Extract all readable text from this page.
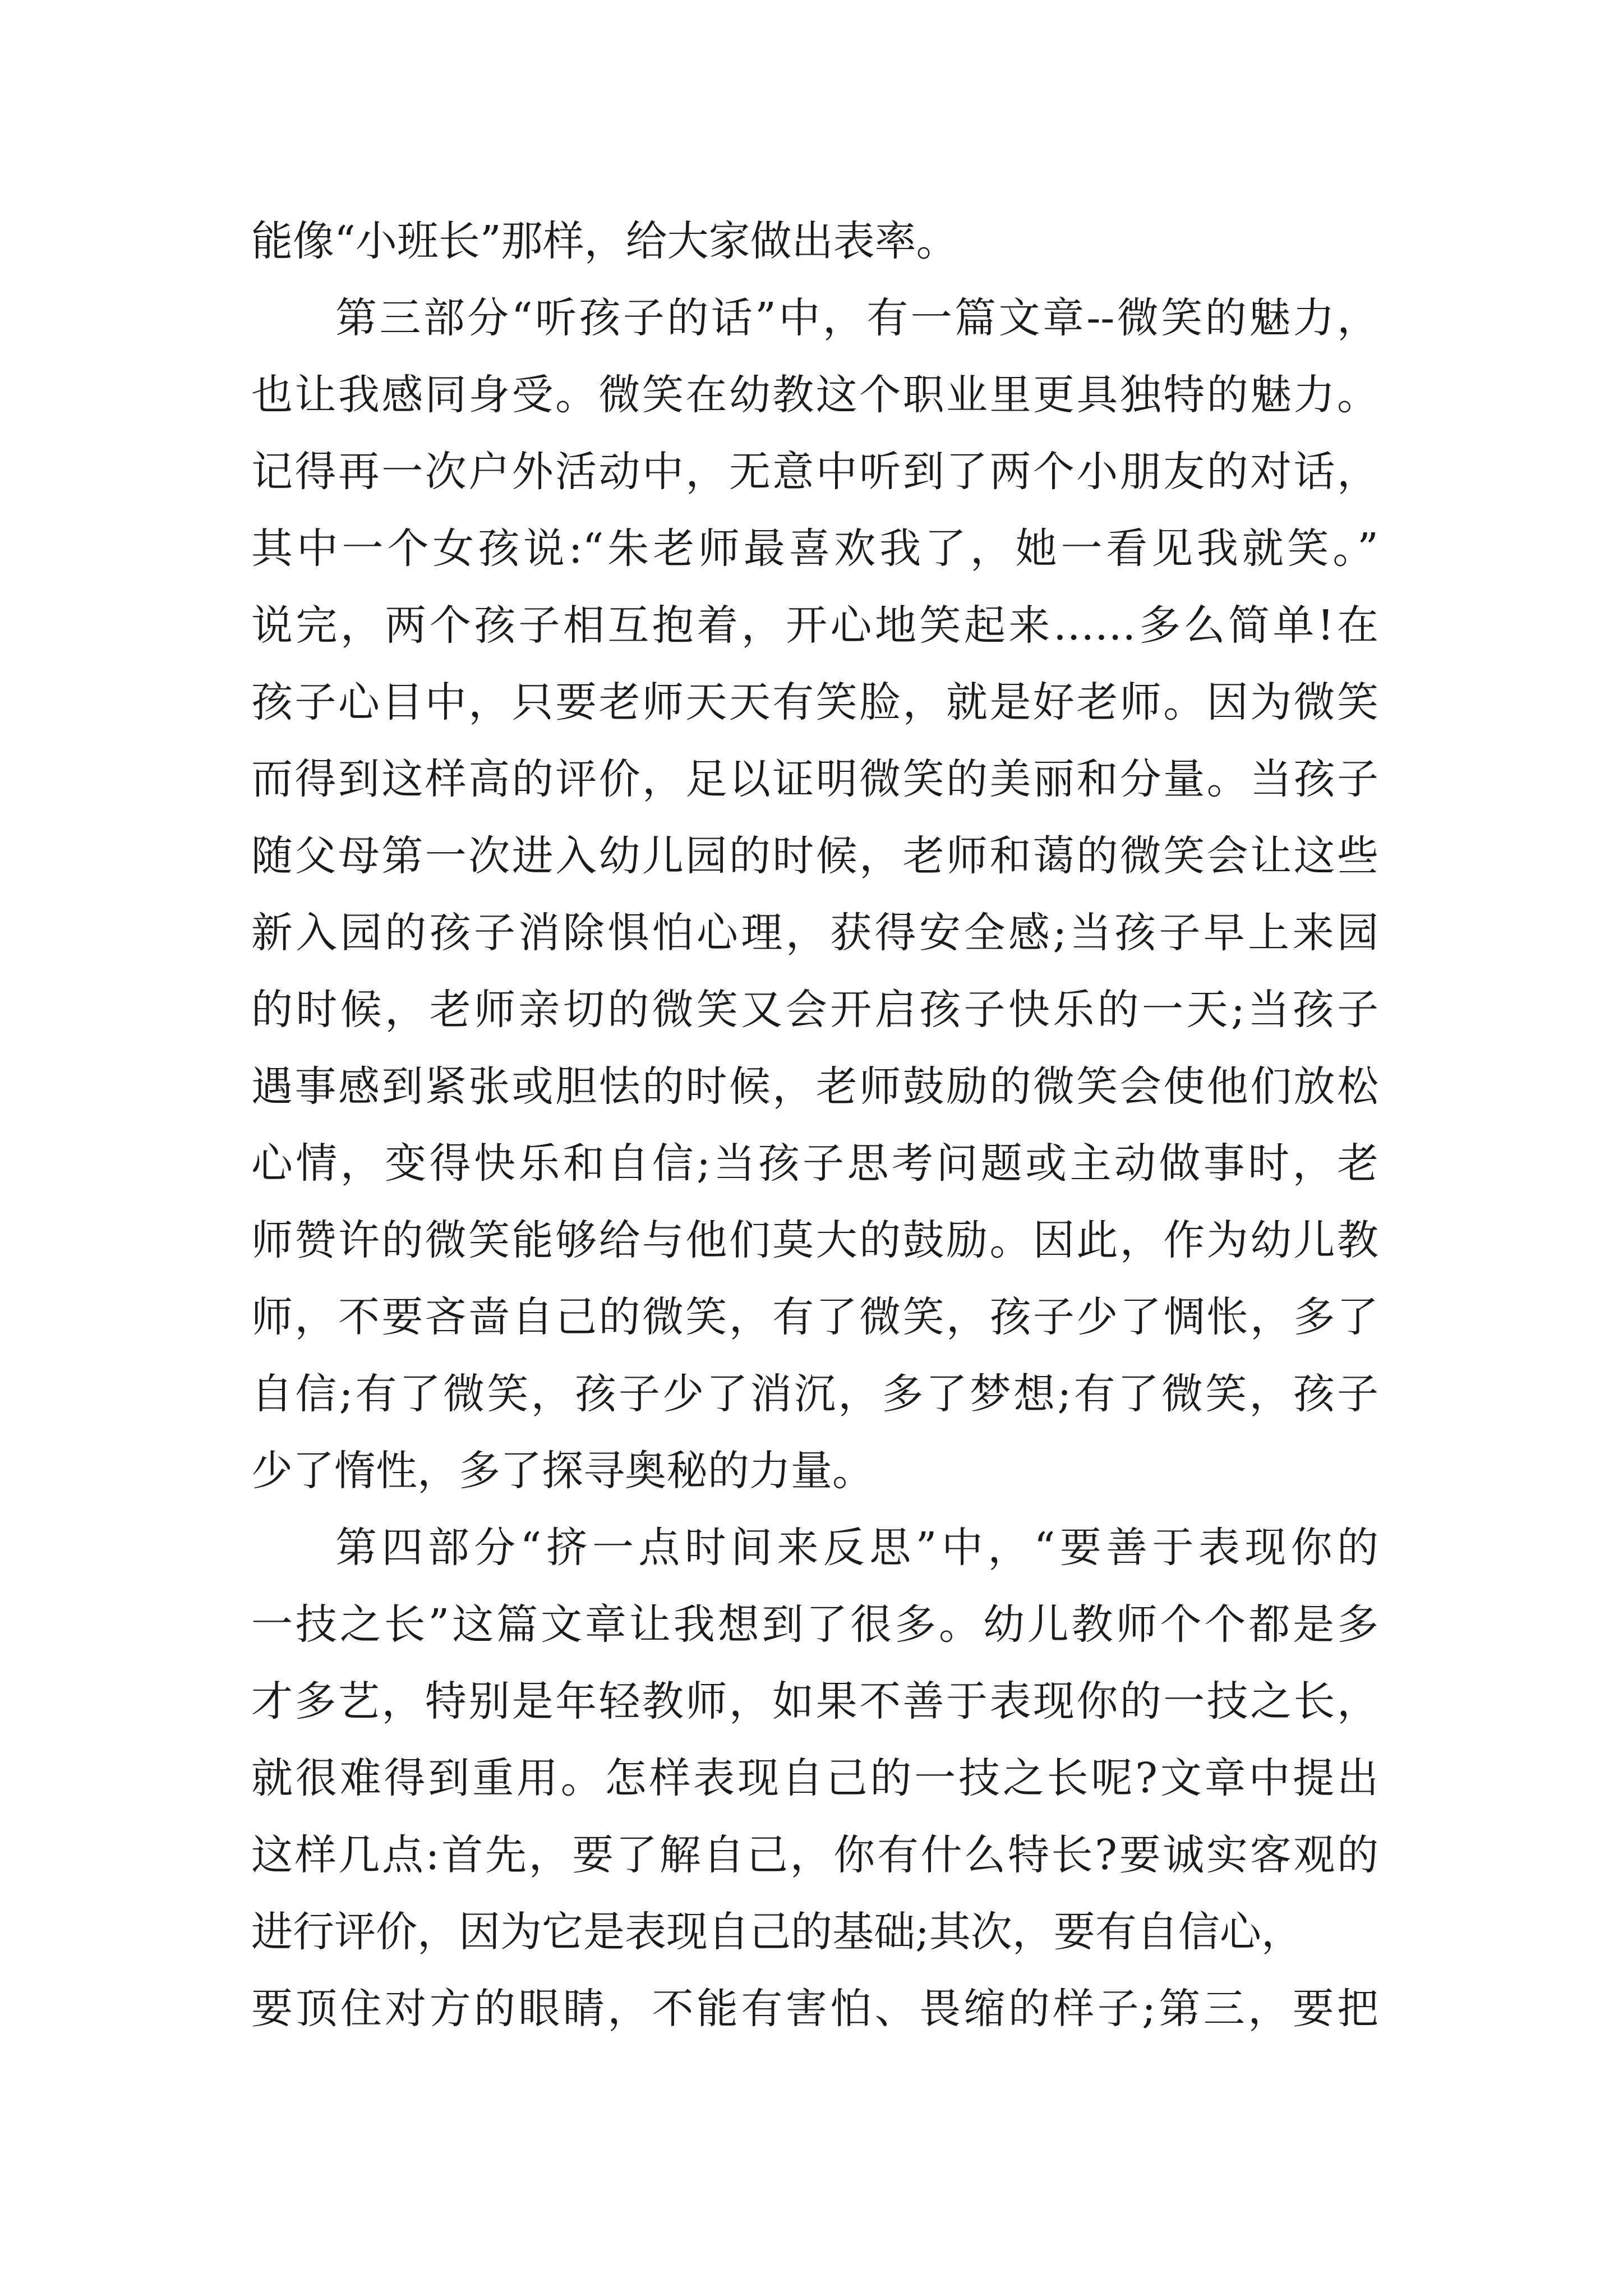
能像“小班长”那样，给大家做出表率。
第三部分“听孩子的话”中，有一篇文章--微笑的魅力，
也让我感同身受。微笑在幼教这个职业里更具独特的魅力。
记得再一次户外活动中，无意中听到了两个小朋友的对话，
其中一个女孩说:“朱老师最喜欢我了，她一看见我就笑。”
说完，两个孩子相互抱着，开心地笑起来……多么简单!在
孩子心目中，只要老师天天有笑脸，就是好老师。因为微笑
而得到这样高的评价，足以证明微笑的美丽和分量。当孩子
随父母第一次进入幼儿园的时候，老师和蔼的微笑会让这些
新入园的孩子消除惧怕心理，获得安全感;当孩子早上来园
的时候，老师亲切的微笑又会开启孩子快乐的一天;当孩子
遇事感到紧张或胆怯的时候，老师鼓励的微笑会使他们放松
心情，变得快乐和自信;当孩子思考问题或主动做事时，老
师赞许的微笑能够给与他们莫大的鼓励。因此，作为幼儿教
师，不要吝啬自己的微笑，有了微笑，孩子少了惆怅，多了
自信;有了微笑，孩子少了消沉，多了梦想;有了微笑，孩子
少了惰性，多了探寻奥秘的力量。
第四部分“挤一点时间来反思”中，“要善于表现你的
一技之长”这篇文章让我想到了很多。幼儿教师个个都是多
才多艺，特别是年轻教师，如果不善于表现你的一技之长，
就很难得到重用。怎样表现自己的一技之长呢?文章中提出
这样几点:首先，要了解自己，你有什么特长?要诚实客观的
进行评价，因为它是表现自己的基础;其次，要有自信心，
要顶住对方的眼睛，不能有害怕、畏缩的样子;第三，要把
